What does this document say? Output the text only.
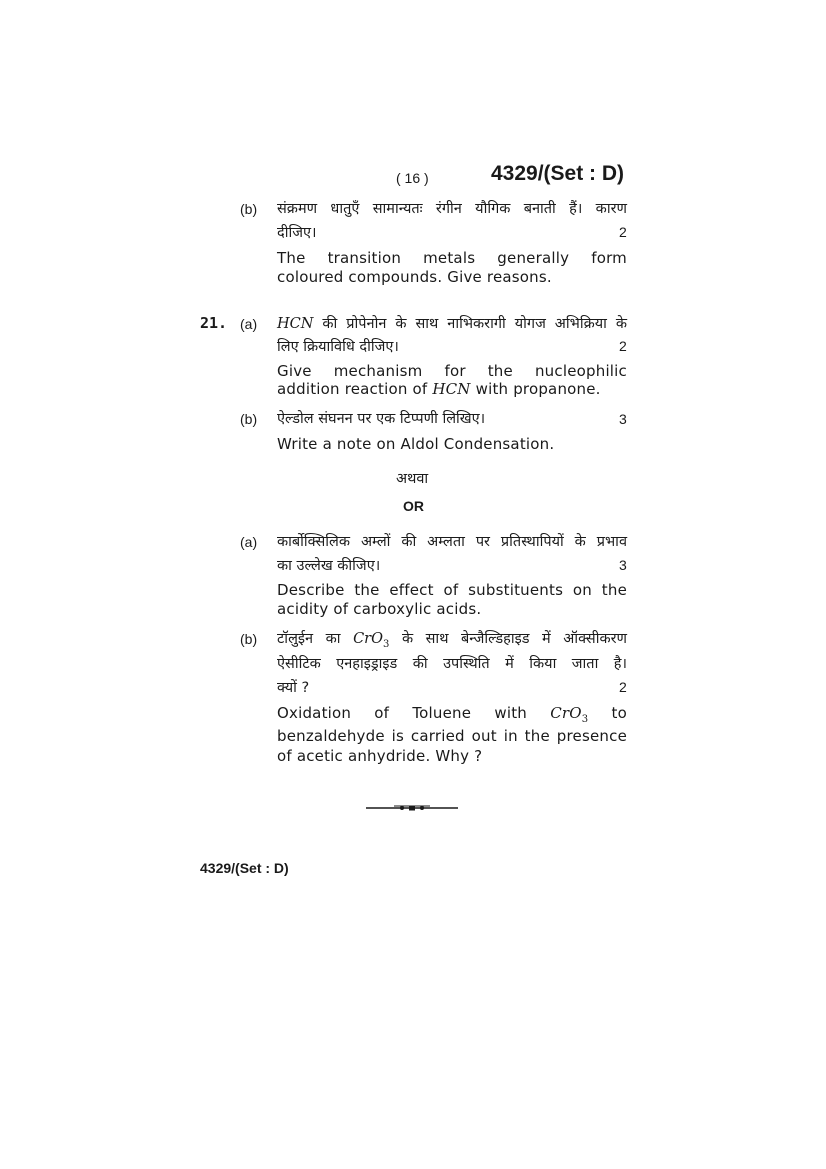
( 16 )	4329/(Set : D)
(b) संक्रमण धातुएँ सामान्यतः रंगीन यौगिक बनाती हैं। कारण
दीजिए।	2
The transition metals generally form
coloured compounds. Give reasons.
21. (a) HCN की प्रोपेनोन के साथ नाभिकरागी योगज अभिक्रिया के
लिए क्रियाविधि दीजिए।	2
Give mechanism for the nucleophilic
addition reaction of HCN with propanone.
(b) ऐल्डोल संघनन पर एक टिप्पणी लिखिए।	3
Write a note on Aldol Condensation.
अथवा
OR
(a) कार्बोक्सिलिक अम्लों की अम्लता पर प्रतिस्थापियों के प्रभाव
का उल्लेख कीजिए।	3
Describe the effect of substituents on the
acidity of carboxylic acids.
(b) टॉलुईन का CrO$_3$ के साथ बेन्जैल्डिहाइड में ऑक्सीकरण
ऐसीटिक एनहाइड्राइड की उपस्थिति में किया जाता है।
क्यों ?	2
Oxidation of Toluene with CrO$_3$ to
benzaldehyde is carried out in the presence
of acetic anhydride. Why ?
4329/(Set : D)
